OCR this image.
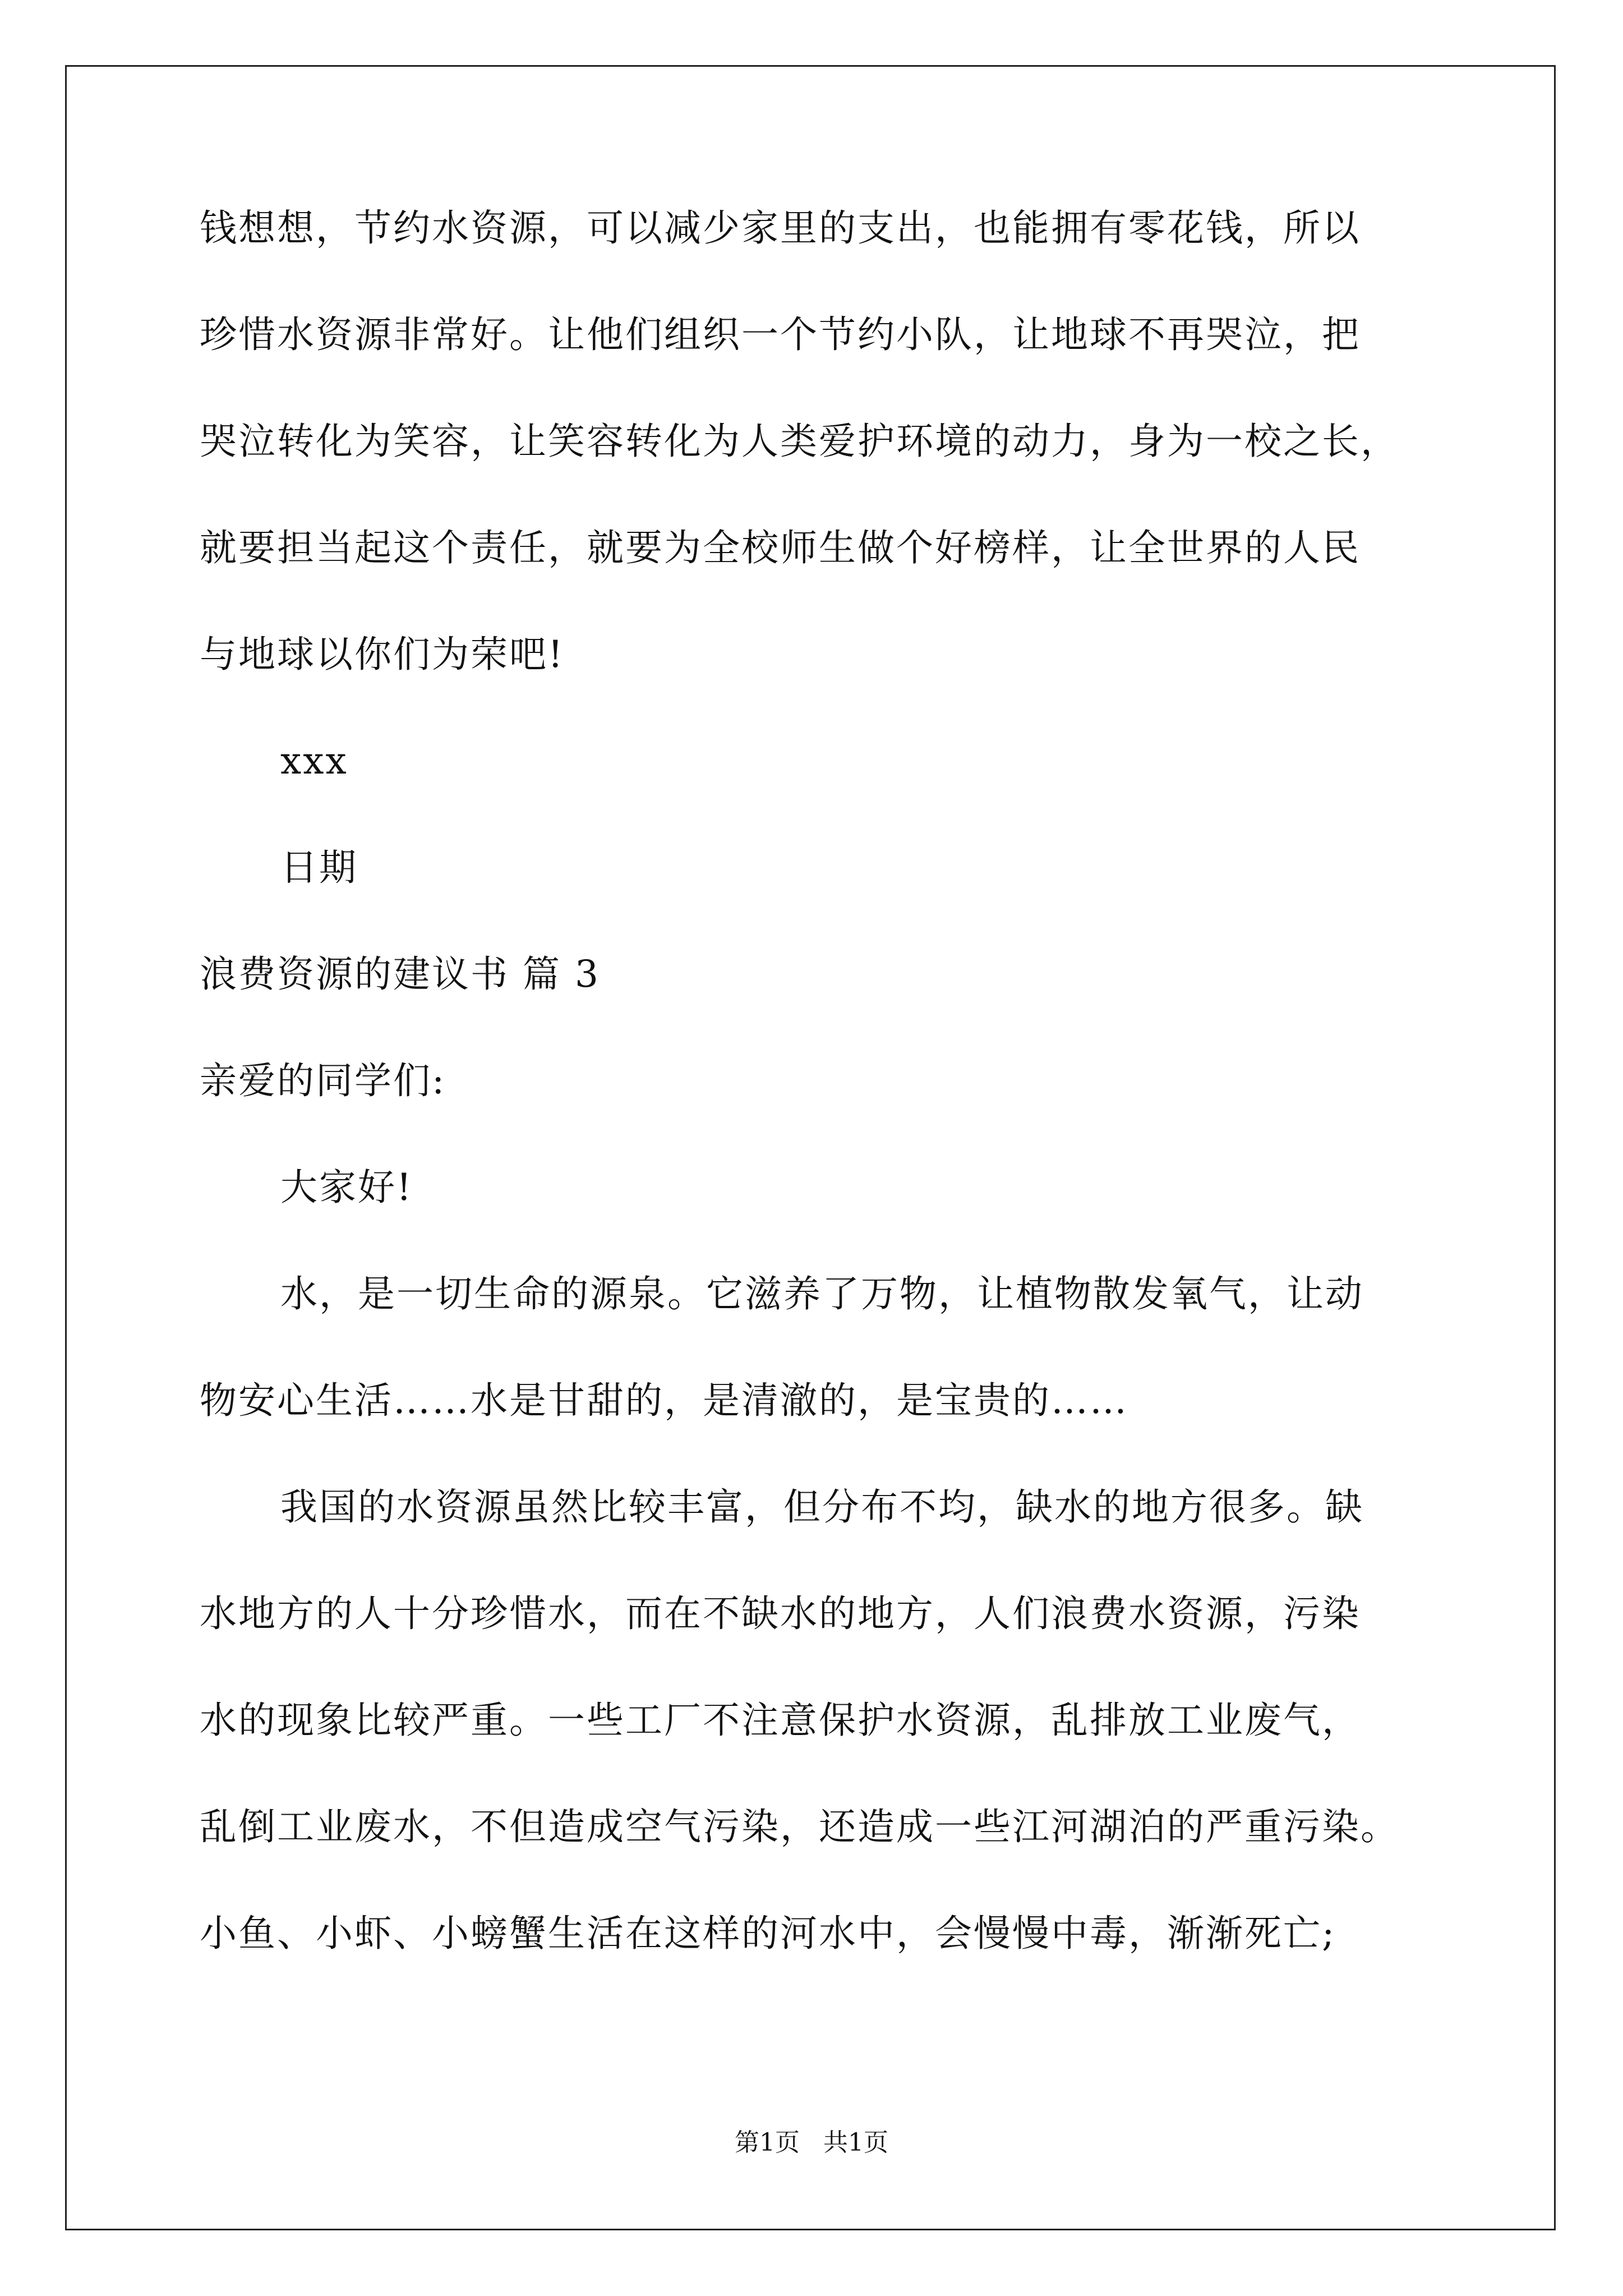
钱想想，节约水资源，可以减少家里的支出，也能拥有零花钱，所以
珍惜水资源非常好。让他们组织一个节约小队，让地球不再哭泣，把
哭泣转化为笑容，让笑容转化为人类爱护环境的动力，身为一校之长，
就要担当起这个责任，就要为全校师生做个好榜样，让全世界的人民
与地球以你们为荣吧!
xxx
日期
浪费资源的建议书 篇 3
亲爱的同学们:
大家好!
水，是一切生命的源泉。它滋养了万物，让植物散发氧气，让动
物安心生活……水是甘甜的，是清澈的，是宝贵的……
我国的水资源虽然比较丰富，但分布不均，缺水的地方很多。缺
水地方的人十分珍惜水，而在不缺水的地方，人们浪费水资源，污染
水的现象比较严重。一些工厂不注意保护水资源，乱排放工业废气，
乱倒工业废水，不但造成空气污染，还造成一些江河湖泊的严重污染。
小鱼、小虾、小螃蟹生活在这样的河水中，会慢慢中毒，渐渐死亡;
第1页   共1页
